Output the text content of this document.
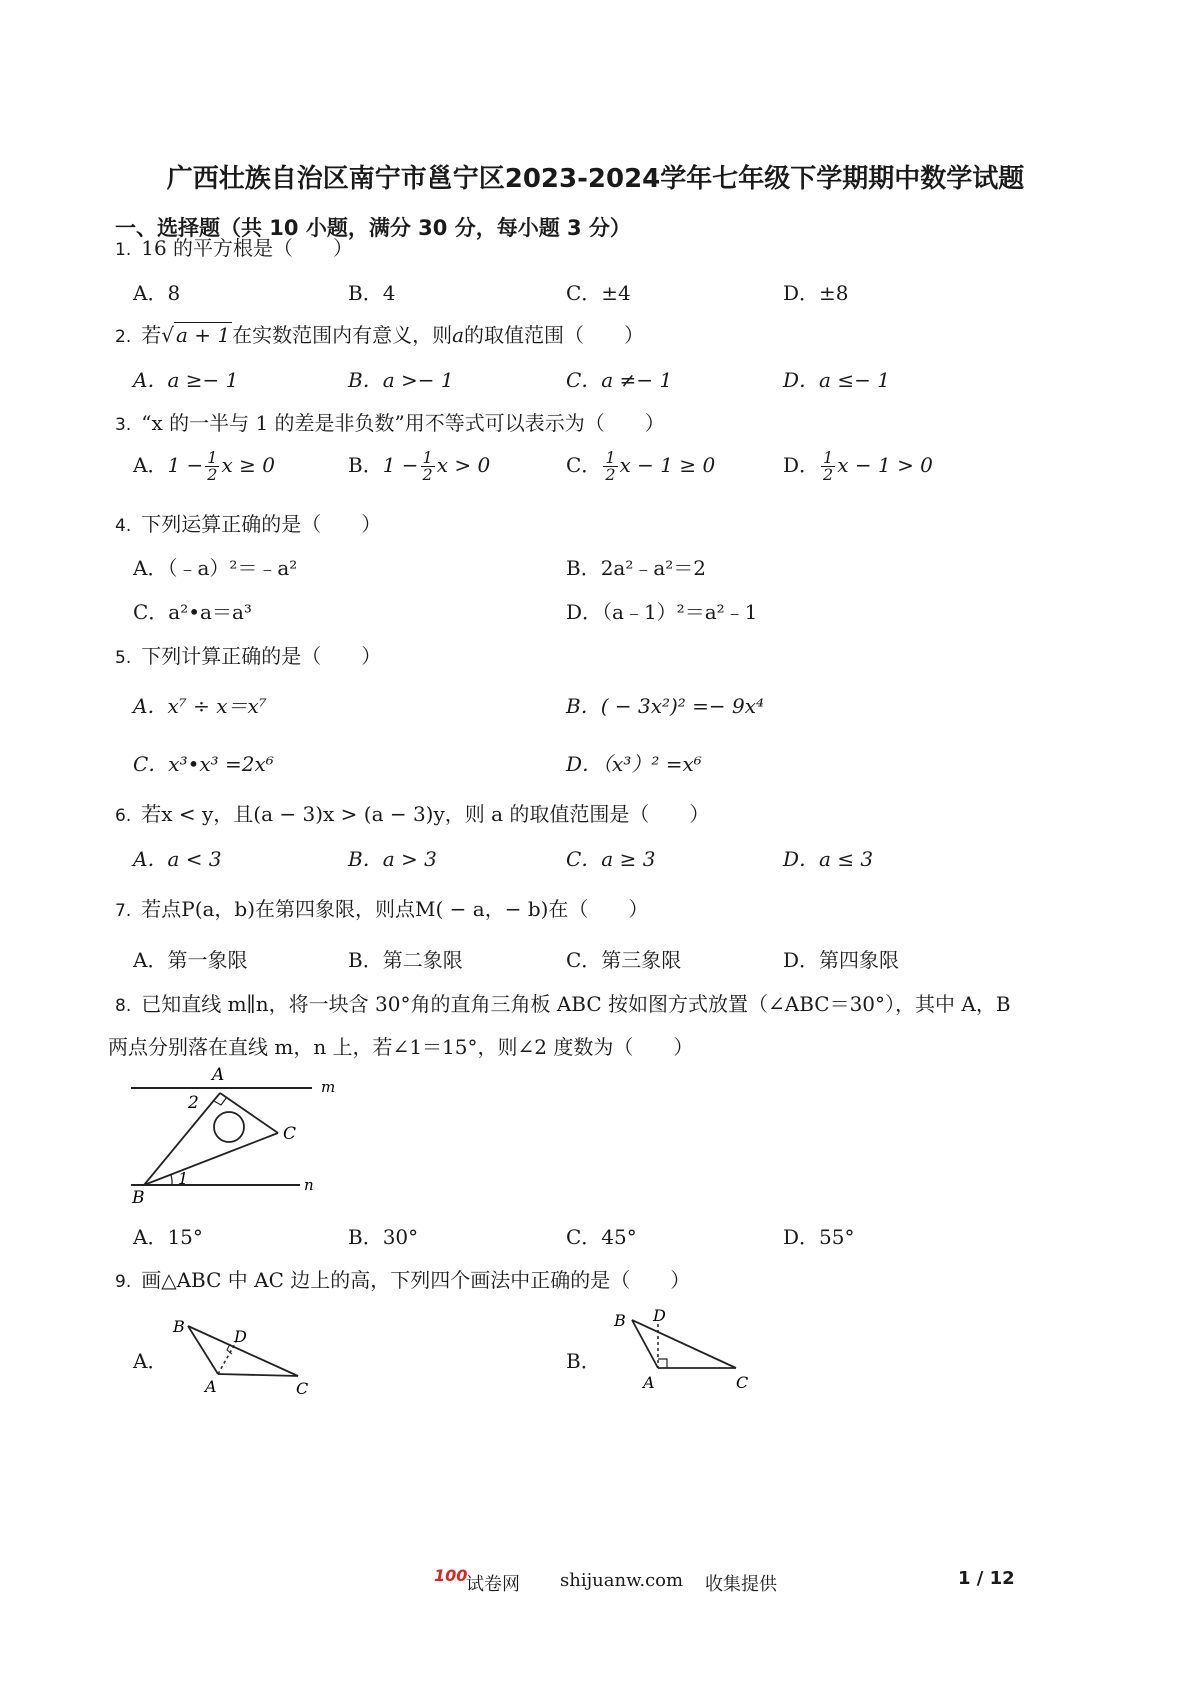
广西壮族自治区南宁市邕宁区2023-2024学年七年级下学期期中数学试题
一、选择题（共 10 小题，满分 30 分，每小题 3 分）
1. 16 的平方根是（　　）
A．8	B．4	C．±4	D．±8
2. 若√ a + 1 在实数范围内有意义，则a的取值范围（　　）
A．a ≥− 1	B．a >− 1	C．a ≠− 1	D．a ≤− 1
3. “x 的一半与 1 的差是非负数”用不等式可以表示为（　　）
A．$1 - \frac{1}{2}$ x ≥ 0	B．$1 - \frac{1}{2}$ x > 0	C． $\frac{1}{2}$ x − 1 ≥ 0	D． $\frac{1}{2}$ x − 1 > 0
4. 下列运算正确的是（　　）
A．（﹣a）²＝﹣a²	B．2a²﹣a²＝2
C．a²•a＝a³	D．（a﹣1）²＝a²﹣1
5. 下列计算正确的是（　　）
A．x⁷ ÷ x＝x⁷	B．( − 3x²)² =− 9x⁴
C．x³•x³ =2x⁶	D．（x³）² =x⁶
6. 若x < y，且(a − 3)x > (a − 3)y，则 a 的取值范围是（　　）
A．a < 3	B．a > 3	C．a ≥ 3	D．a ≤ 3
7. 若点P(a，b)在第四象限，则点M( − a，− b)在（　　）
A．第一象限	B．第二象限	C．第三象限	D．第四象限
8. 已知直线 m∥n，将一块含 30°角的直角三角板 ABC 按如图方式放置（∠ABC＝30°），其中 A，B
两点分别落在直线 m，n 上，若∠1＝15°，则∠2 度数为（　　）
A
2
C
B
1
m
n
A．15°	B．30°	C．45°	D．55°
9. 画△ABC 中 AC 边上的高，下列四个画法中正确的是（　　）
A．	B．
B
D
A	C
B D
A	C
100
试卷网 shijuanw.com 收集提供	1 / 12
